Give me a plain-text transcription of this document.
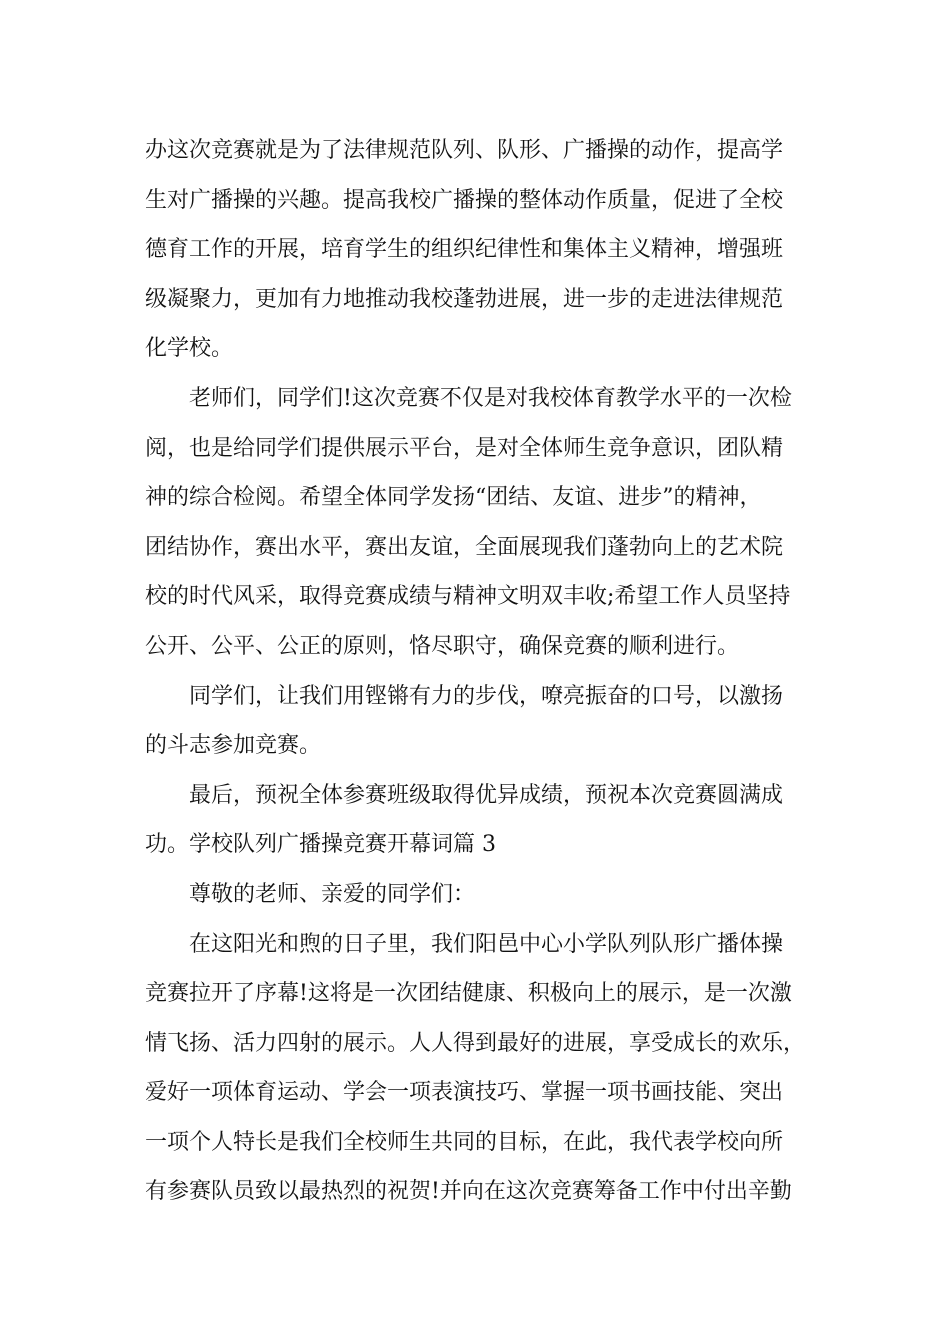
办这次竞赛就是为了法律规范队列、队形、广播操的动作，提高学

生对广播操的兴趣。提高我校广播操的整体动作质量，促进了全校

德育工作的开展，培育学生的组织纪律性和集体主义精神，增强班

级凝聚力，更加有力地推动我校蓬勃进展，进一步的走进法律规范

化学校。

老师们，同学们!这次竞赛不仅是对我校体育教学水平的一次检

阅，也是给同学们提供展示平台，是对全体师生竞争意识，团队精

神的综合检阅。希望全体同学发扬“团结、友谊、进步”的精神，

团结协作，赛出水平，赛出友谊，全面展现我们蓬勃向上的艺术院

校的时代风采，取得竞赛成绩与精神文明双丰收;希望工作人员坚持

公开、公平、公正的原则，恪尽职守，确保竞赛的顺利进行。

同学们，让我们用铿锵有力的步伐，嘹亮振奋的口号，以激扬

的斗志参加竞赛。

最后，预祝全体参赛班级取得优异成绩，预祝本次竞赛圆满成

功。学校队列广播操竞赛开幕词篇 3

尊敬的老师、亲爱的同学们：

在这阳光和煦的日子里，我们阳邑中心小学队列队形广播体操

竞赛拉开了序幕!这将是一次团结健康、积极向上的展示，是一次激

情飞扬、活力四射的展示。人人得到最好的进展，享受成长的欢乐，

爱好一项体育运动、学会一项表演技巧、掌握一项书画技能、突出

一项个人特长是我们全校师生共同的目标，在此，我代表学校向所

有参赛队员致以最热烈的祝贺!并向在这次竞赛筹备工作中付出辛勤
